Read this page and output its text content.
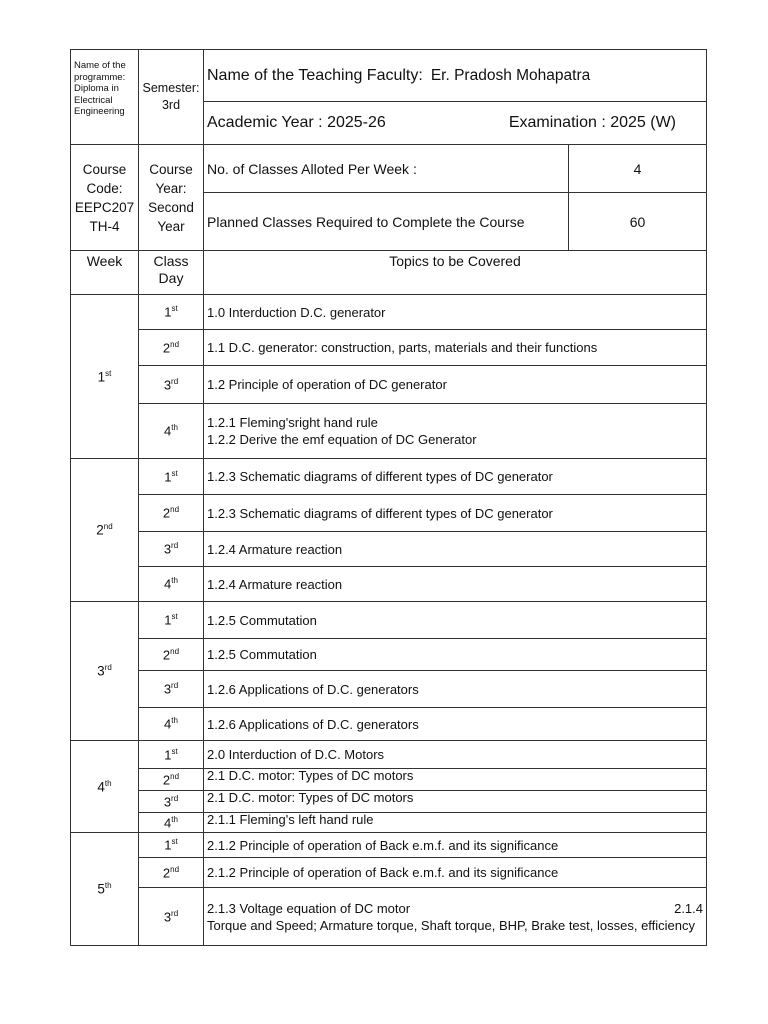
Name of the programme: Diploma in Electrical Engineering	Semester: 3rd	Name of the Teaching Faculty: Er. Pradosh Mohapatra	

		Academic Year : 2025-26 Examination : 2025 (W)	

Course Code: EEPC207 TH-4	Course Year: Second Year	No. of Classes Alloted Per Week :	4
		Planned Classes Required to Complete the Course	60
Week	Class Day	Topics to be Covered	
1st	1st	1.0 Interduction D.C. generator	
	2nd	1.1 D.C. generator: construction, parts, materials and their functions	
	3rd	1.2 Principle of operation of DC generator	
	4th	1.2.1 Fleming'sright hand rule
1.2.2 Derive the emf equation of DC Generator	

2nd	1st	1.2.3 Schematic diagrams of different types of DC generator	
	2nd	1.2.3 Schematic diagrams of different types of DC generator	
	3rd	1.2.4 Armature reaction	
	4th	1.2.4 Armature reaction	
3rd	1st	1.2.5 Commutation	
	2nd	1.2.5 Commutation	
	3rd	1.2.6 Applications of D.C. generators	
	4th	1.2.6 Applications of D.C. generators	
4th	1st	2.0 Interduction of D.C. Motors	
	2nd	2.1 D.C. motor: Types of DC motors	
	3rd	2.1 D.C. motor: Types of DC motors	
	4th	2.1.1 Fleming's left hand rule	
5th	1st	2.1.2 Principle of operation of Back e.m.f. and its significance	
	2nd	2.1.2 Principle of operation of Back e.m.f. and its significance	
	3rd	2.1.3 Voltage equation of DC motor 2.1.4
Torque and Speed; Armature torque, Shaft torque, BHP, Brake test, losses, efficiency	
